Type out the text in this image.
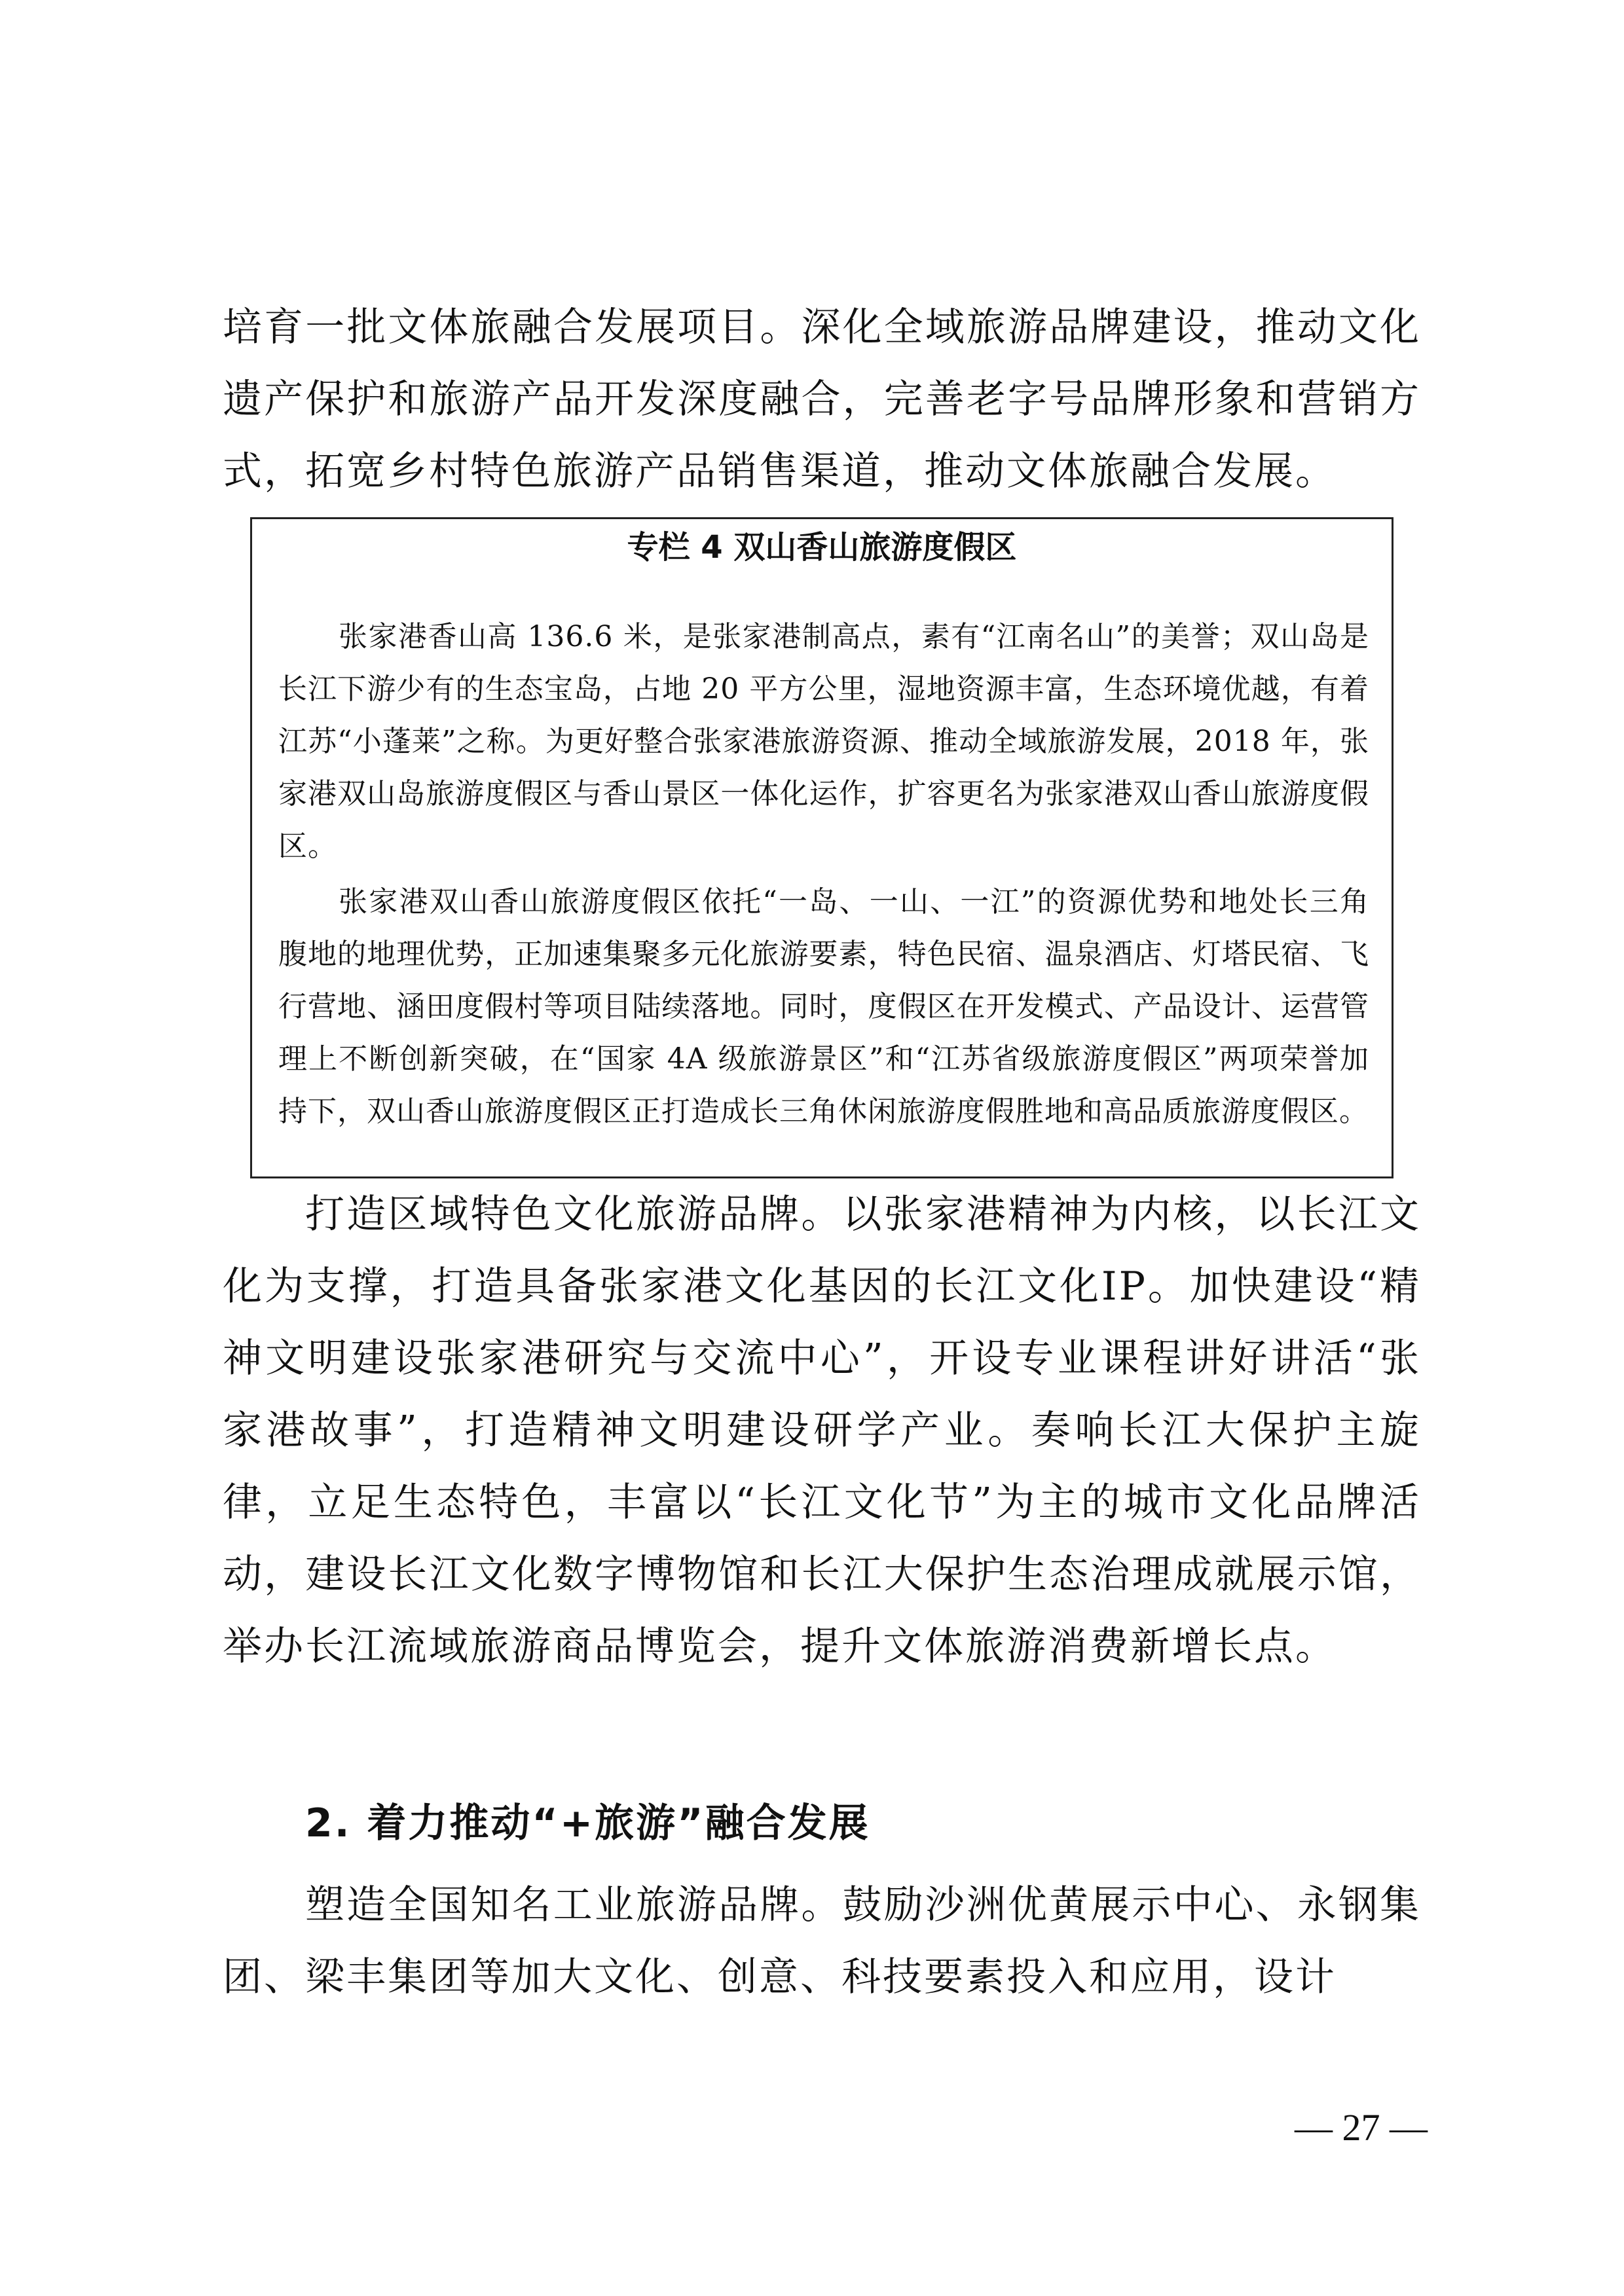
培育一批文体旅融合发展项目。深化全域旅游品牌建设，推动文化遗产保护和旅游产品开发深度融合，完善老字号品牌形象和营销方式，拓宽乡村特色旅游产品销售渠道，推动文体旅融合发展。

专栏 4 双山香山旅游度假区

张家港香山高 136.6 米，是张家港制高点，素有“江南名山”的美誉；双山岛是长江下游少有的生态宝岛，占地 20 平方公里，湿地资源丰富，生态环境优越，有着江苏“小蓬莱”之称。为更好整合张家港旅游资源、推动全域旅游发展，2018 年，张家港双山岛旅游度假区与香山景区一体化运作，扩容更名为张家港双山香山旅游度假区。

张家港双山香山旅游度假区依托“一岛、一山、一江”的资源优势和地处长三角腹地的地理优势，正加速集聚多元化旅游要素，特色民宿、温泉酒店、灯塔民宿、飞行营地、涵田度假村等项目陆续落地。同时，度假区在开发模式、产品设计、运营管理上不断创新突破，在“国家 4A 级旅游景区”和“江苏省级旅游度假区”两项荣誉加持下，双山香山旅游度假区正打造成长三角休闲旅游度假胜地和高品质旅游度假区。

打造区域特色文化旅游品牌。以张家港精神为内核，以长江文化为支撑，打造具备张家港文化基因的长江文化IP。加快建设“精神文明建设张家港研究与交流中心”，开设专业课程讲好讲活“张家港故事”，打造精神文明建设研学产业。奏响长江大保护主旋律，立足生态特色，丰富以“长江文化节”为主的城市文化品牌活动，建设长江文化数字博物馆和长江大保护生态治理成就展示馆，举办长江流域旅游商品博览会，提升文体旅游消费新增长点。

2. 着力推动“+旅游”融合发展

塑造全国知名工业旅游品牌。鼓励沙洲优黄展示中心、永钢集团、梁丰集团等加大文化、创意、科技要素投入和应用，设计

— 27 —
